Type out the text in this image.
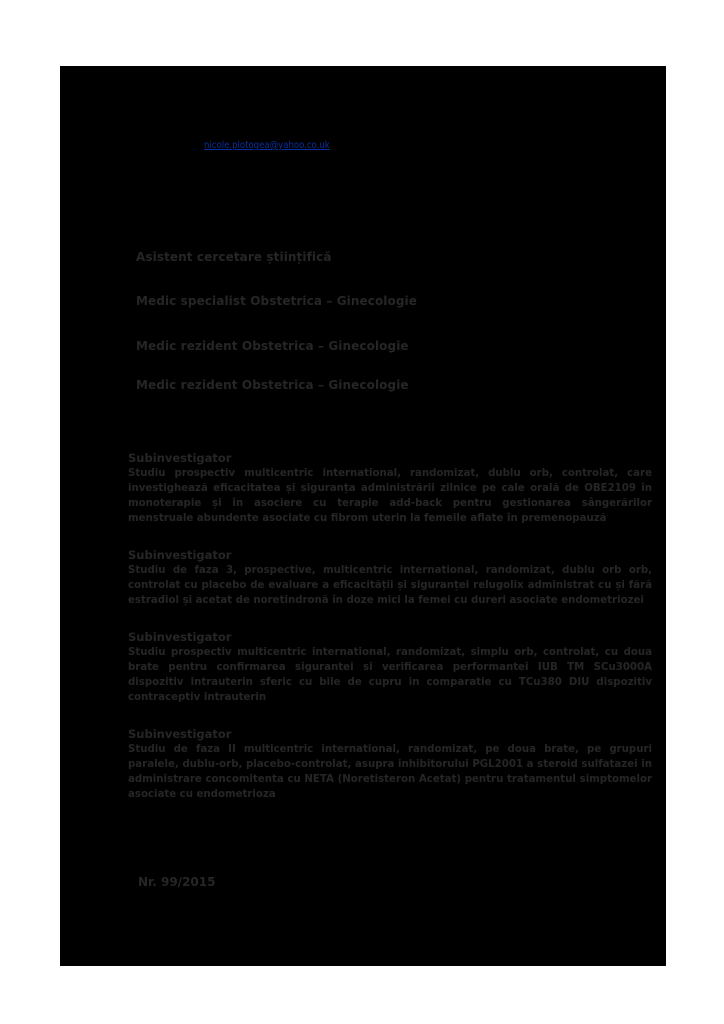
nicole.plotogea@yahoo.co.uk
Asistent cercetare științifică
Medic specialist Obstetrica – Ginecologie
Medic rezident Obstetrica – Ginecologie
Medic rezident Obstetrica – Ginecologie
Subinvestigator
Studiu prospectiv multicentric international, randomizat, dublu orb, controlat, care investighează eficacitatea și siguranța administrării zilnice pe cale orală de OBE2109 în monoterapie și în asociere cu terapie add-back pentru gestionarea sângerărilor menstruale abundente asociate cu fibrom uterin la femeile aflate în premenopauză
Subinvestigator
Studiu de faza 3, prospective, multicentric international, randomizat, dublu orb orb, controlat cu placebo de evaluare a eficacității și siguranței relugolix administrat cu și fără estradiol și acetat de noretindronă în doze mici la femei cu dureri asociate endometriozei
Subinvestigator
Studiu prospectiv multicentric international, randomizat, simplu orb, controlat, cu doua brate pentru confirmarea sigurantei si verificarea performantei IUB TM SCu3000A dispozitiv intrauterin sferic cu bile de cupru in comparatie cu TCu380 DIU dispozitiv contraceptiv intrauterin
Subinvestigator
Studiu de faza II multicentric international, randomizat, pe doua brate, pe grupuri paralele, dublu-orb, placebo-controlat, asupra inhibitorului PGL2001 a steroid sulfatazei in administrare concomitenta cu NETA (Noretisteron Acetat) pentru tratamentul simptomelor asociate cu endometrioza
Nr. 99/2015
